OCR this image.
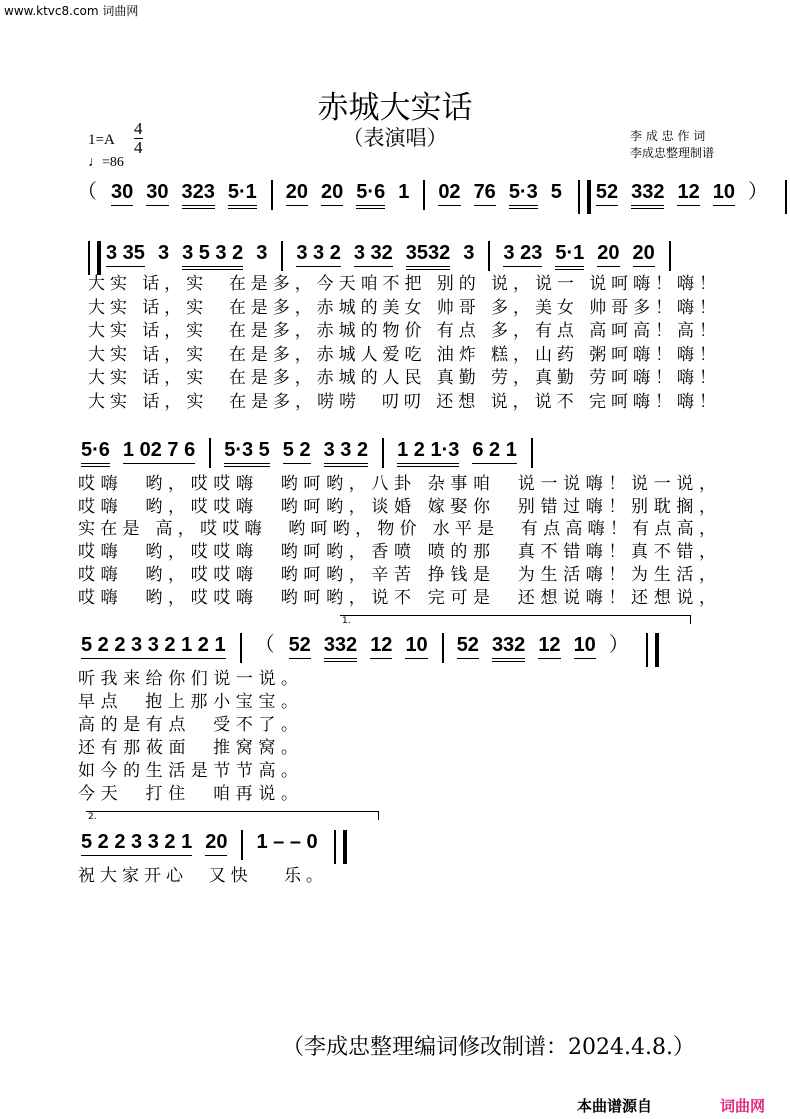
www.ktvc8.com 词曲网
赤城大实话
（表演唱）
1=A
4
4
♩=86
李 成 忠 作 词
李成忠整理制谱
（ 30 30 323 5·1 20 20 5·6 1 02 76 5·3 5 52 332 12 10 ）
3 35 3 3 5 3 2 3 3 3 2 3 32 3532 3 3 23 5·1 20 20
大实 话，实  在是多，今天咱不把 别的 说，说一 说呵嗨！嗨！
大实 话，实  在是多，赤城的美女 帅哥 多，美女 帅哥多！嗨！
大实 话，实  在是多，赤城的物价 有点 多，有点 高呵高！高！
大实 话，实  在是多，赤城人爱吃 油炸 糕，山药 粥呵嗨！嗨！
大实 话，实  在是多，赤城的人民 真勤 劳，真勤 劳呵嗨！嗨！
大实 话，实  在是多，唠唠  叨叨 还想 说，说不 完呵嗨！嗨！
5·6 1 02 7 6 5·3 5 5 2 3 3 2 1 2 1·3 6 2 1
哎嗨  哟，哎哎嗨  哟呵哟，八卦 杂事咱  说一说嗨！说一说，
哎嗨  哟，哎哎嗨  哟呵哟，谈婚 嫁娶你  别错过嗨！别耽搁，
实在是 高，哎哎嗨  哟呵哟，物价 水平是  有点高嗨！有点高，
哎嗨  哟，哎哎嗨  哟呵哟，香喷 喷的那  真不错嗨！真不错，
哎嗨  哟，哎哎嗨  哟呵哟，辛苦 挣钱是  为生活嗨！为生活，
哎嗨  哟，哎哎嗨  哟呵哟，说不 完可是  还想说嗨！还想说，
1.
5 2 2 3 3 2 1 2 1 （ 52 332 12 10 52 332 12 10 ）
听我来给你们说一说。
早点  抱上那小宝宝。
高的是有点  受不了。
还有那莜面  推窝窝。
如今的生活是节节高。
今天  打住  咱再说。
2.
5 2 2 3 3 2 1 20 1 – – 0
祝大家开心  又快   乐。
（李成忠整理编词修改制谱：2024.4.8.）
本曲谱源自	词曲网
